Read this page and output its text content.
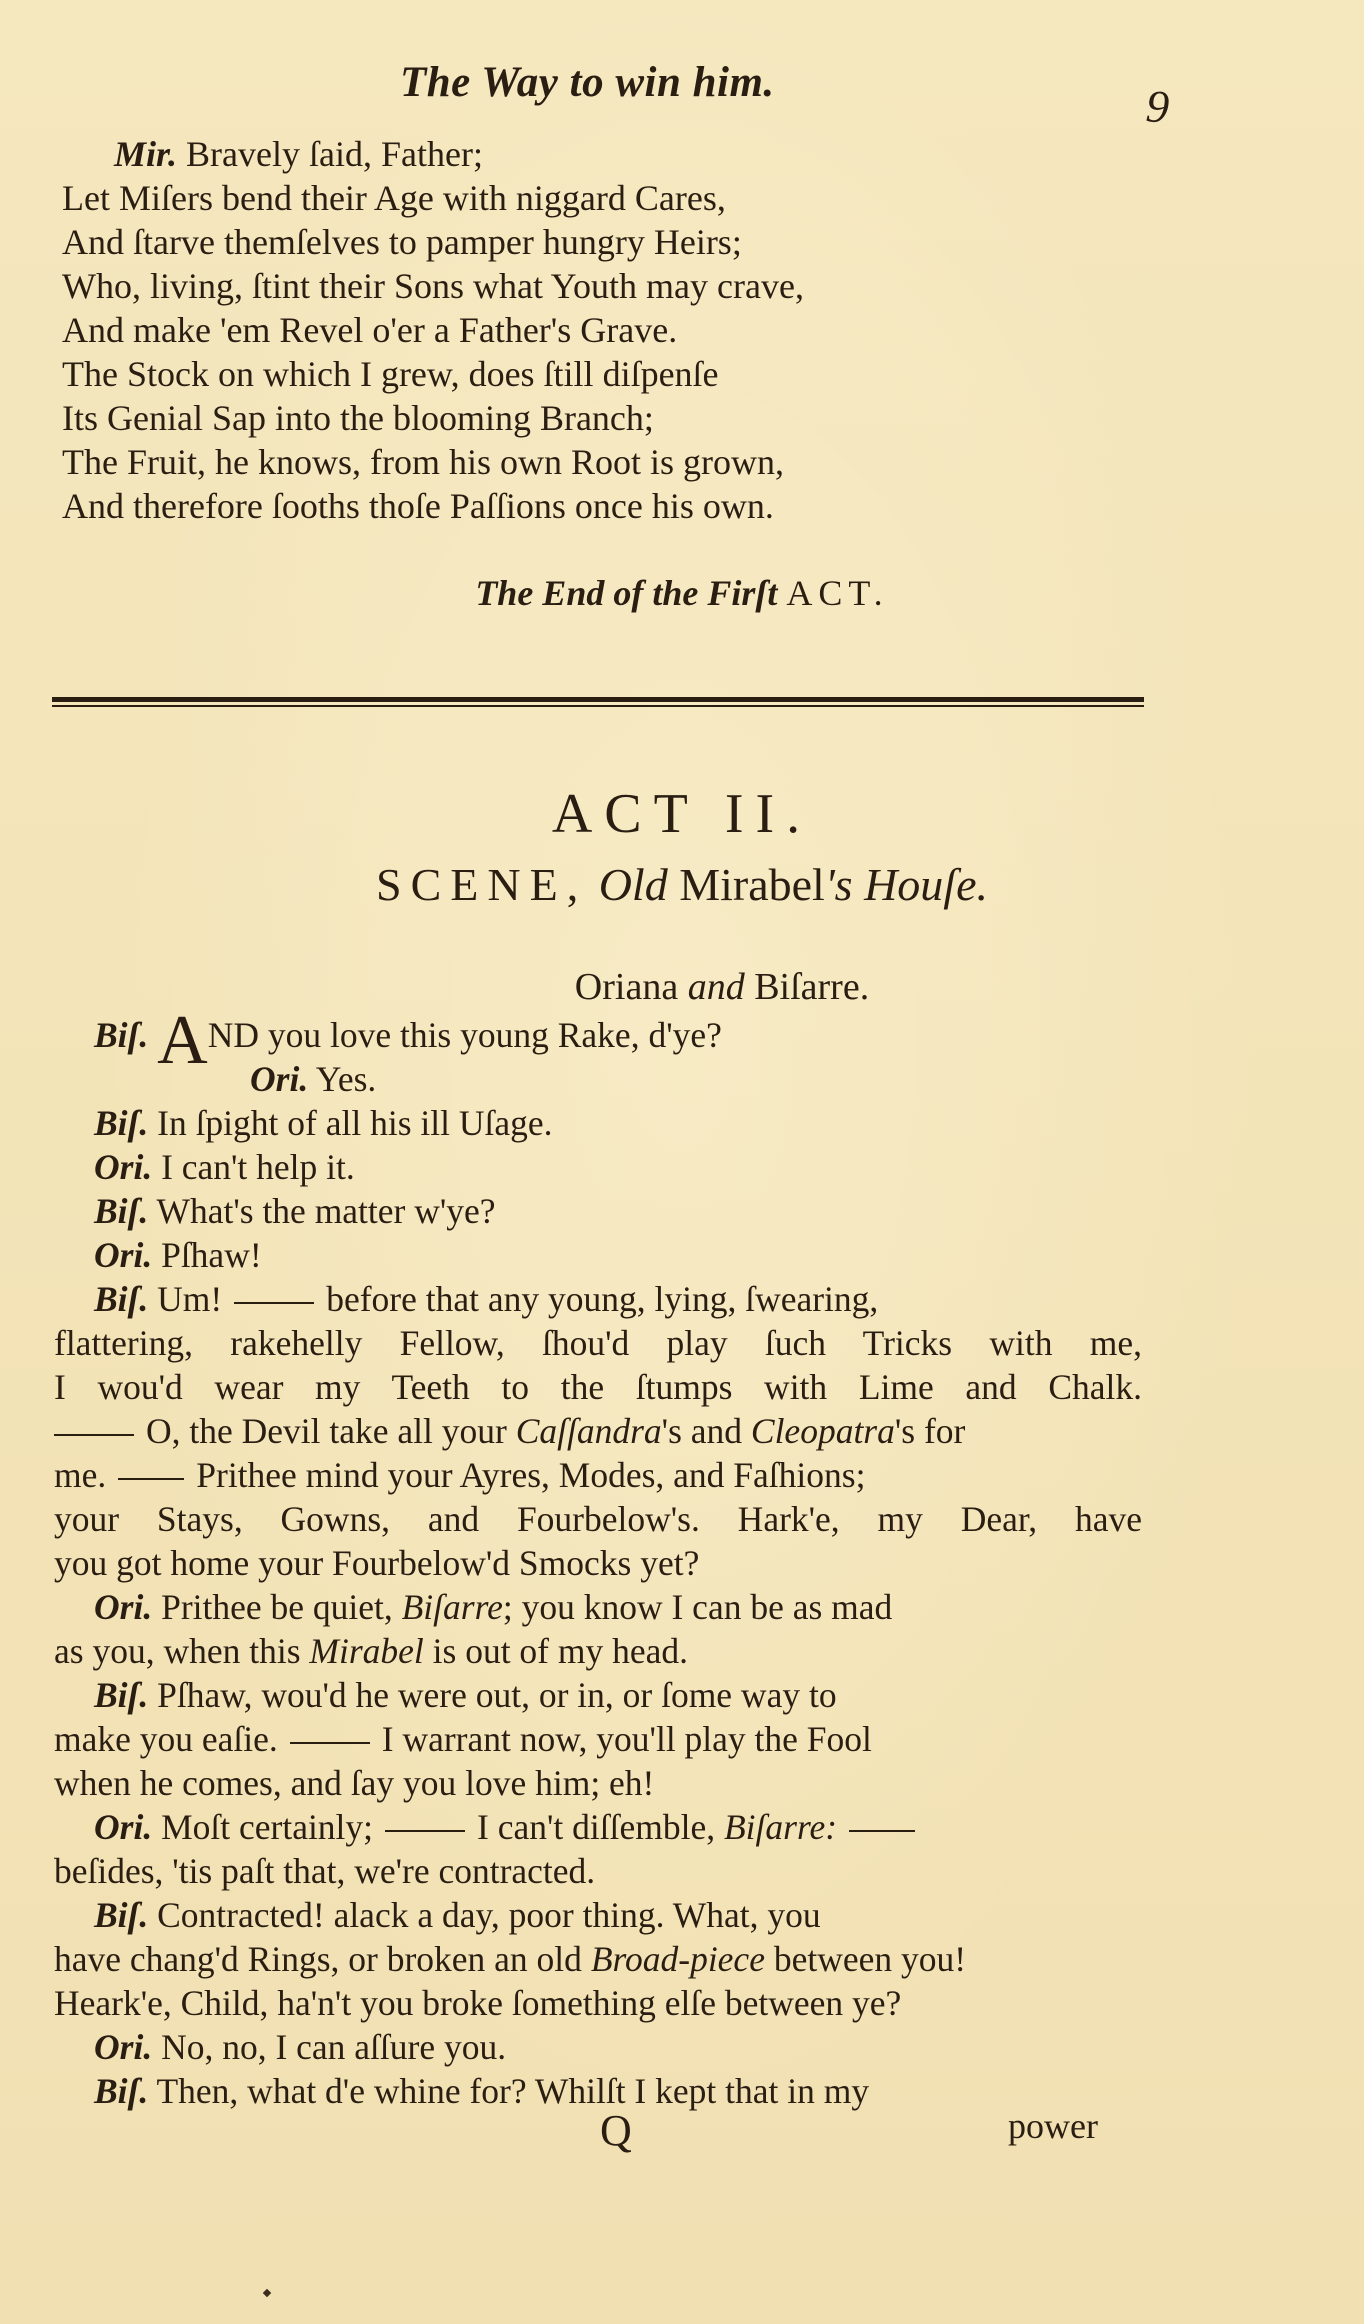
The Way to win him.	9
Mir. Bravely ſaid, Father;
Let Miſers bend their Age with niggard Cares,
And ſtarve themſelves to pamper hungry Heirs;
Who, living, ſtint their Sons what Youth may crave,
And make 'em Revel o'er a Father's Grave.
The Stock on which I grew, does ſtill diſpenſe
Its Genial Sap into the blooming Branch;
The Fruit, he knows, from his own Root is grown,
And therefore ſooths thoſe Paſſions once his own.
The End of the Firſt ACT.
ACT II.
SCENE, Old Mirabel's Houſe.
Oriana and Biſarre.
Biſ. AND you love this young Rake, d'ye?
Ori. Yes.
Biſ. In ſpight of all his ill Uſage.
Ori. I can't help it.
Biſ. What's the matter w'ye?
Ori. Pſhaw!
Biſ. Um!	before that any young, lying, ſwearing,
flattering, rakehelly Fellow, ſhou'd play ſuch Tricks with me,
I wou'd wear my Teeth to the ſtumps with Lime and Chalk.
O, the Devil take all your Caſſandra's and Cleopatra's for
me.	Prithee mind your Ayres, Modes, and Faſhions;
your Stays, Gowns, and Fourbelow's. Hark'e, my Dear, have
you got home your Fourbelow'd Smocks yet?
Ori. Prithee be quiet, Biſarre; you know I can be as mad
as you, when this Mirabel is out of my head.
Biſ. Pſhaw, wou'd he were out, or in, or ſome way to
make you eaſie.	I warrant now, you'll play the Fool
when he comes, and ſay you love him; eh!
Ori. Moſt certainly;	I can't diſſemble, Biſarre:
beſides, 'tis paſt that, we're contracted.
Biſ. Contracted! alack a day, poor thing. What, you
have chang'd Rings, or broken an old Broad-piece between you!
Heark'e, Child, ha'n't you broke ſomething elſe between ye?
Ori. No, no, I can aſſure you.
Biſ. Then, what d'e whine for? Whilſt I kept that in my
Q	power
